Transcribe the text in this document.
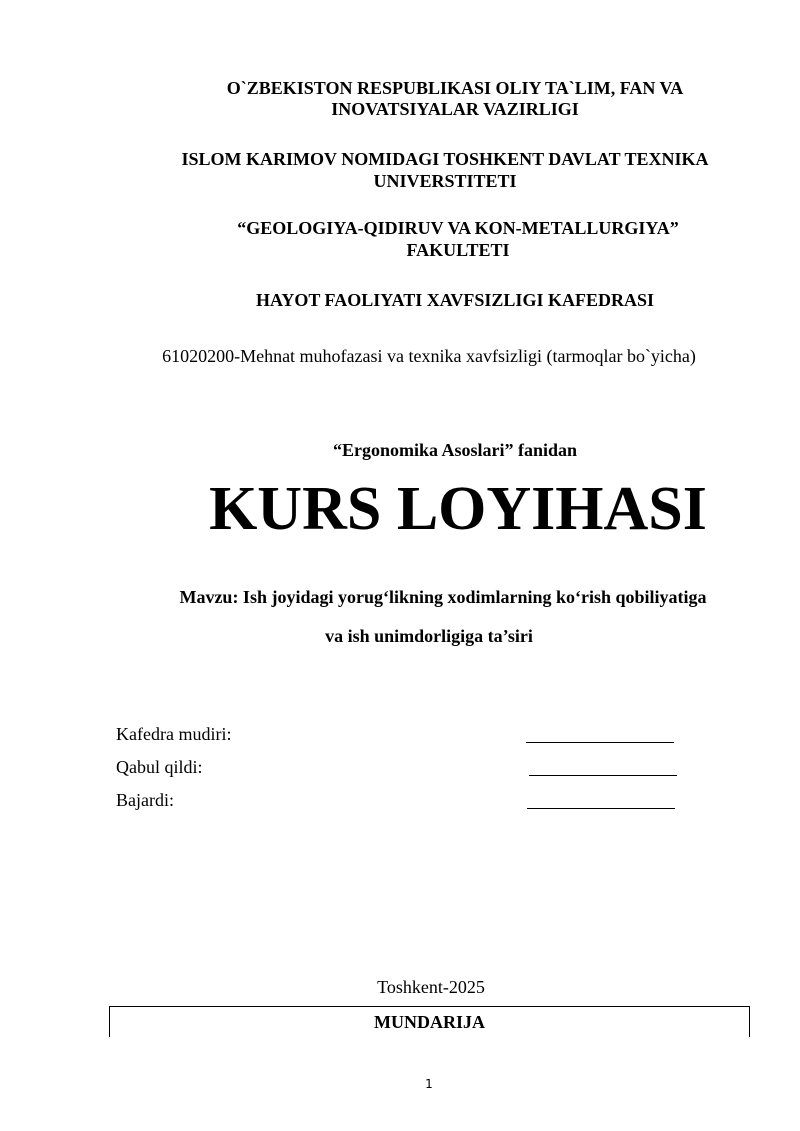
O`ZBEKISTON RESPUBLIKASI OLIY TA`LIM, FAN VA
INOVATSIYALAR VAZIRLIGI
ISLOM KARIMOV NOMIDAGI TOSHKENT DAVLAT TEXNIKA
UNIVERSTITETI
“GEOLOGIYA-QIDIRUV VA KON-METALLURGIYA”
FAKULTETI
HAYOT FAOLIYATI XAVFSIZLIGI KAFEDRASI
61020200-Mehnat muhofazasi va texnika xavfsizligi (tarmoqlar bo`yicha)
“Ergonomika Asoslari” fanidan
KURS LOYIHASI
Mavzu: Ish joyidagi yorug‘likning xodimlarning ko‘rish qobiliyatiga
va ish unimdorligiga ta’siri
Kafedra mudiri:
Qabul qildi:
Bajardi:
Toshkent-2025
MUNDARIJA
1
